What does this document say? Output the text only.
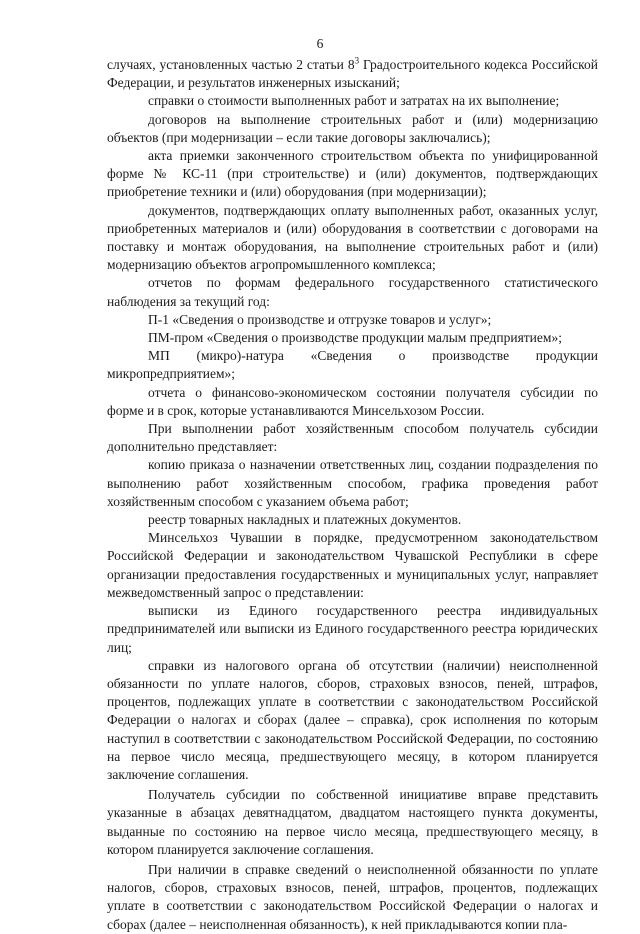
6

случаях, установленных частью 2 статьи $8^3$ Градостроительного кодекса Российской Федерации, и результатов инженерных изысканий;

справки о стоимости выполненных работ и затратах на их выполнение;

договоров на выполнение строительных работ и (или) модернизацию объектов (при модернизации – если такие договоры заключались);

акта приемки законченного строительством объекта по унифицированной форме № КС-11 (при строительстве) и (или) документов, подтверждающих приобретение техники и (или) оборудования (при модернизации);

документов, подтверждающих оплату выполненных работ, оказанных услуг, приобретенных материалов и (или) оборудования в соответствии с договорами на поставку и монтаж оборудования, на выполнение строительных работ и (или) модернизацию объектов агропромышленного комплекса;

отчетов по формам федерального государственного статистического наблюдения за текущий год:

П-1 «Сведения о производстве и отгрузке товаров и услуг»;

ПМ-пром «Сведения о производстве продукции малым предприятием»;

МП (микро)-натура «Сведения о производстве продукции микропредприятием»;

отчета о финансово-экономическом состоянии получателя субсидии по форме и в срок, которые устанавливаются Минсельхозом России.

При выполнении работ хозяйственным способом получатель субсидии дополнительно представляет:

копию приказа о назначении ответственных лиц, создании подразделения по выполнению работ хозяйственным способом, графика проведения работ хозяйственным способом с указанием объема работ;

реестр товарных накладных и платежных документов.

Минсельхоз Чувашии в порядке, предусмотренном законодательством Российской Федерации и законодательством Чувашской Республики в сфере организации предоставления государственных и муниципальных услуг, направляет межведомственный запрос о представлении:

выписки из Единого государственного реестра индивидуальных предпринимателей или выписки из Единого государственного реестра юридических лиц;

справки из налогового органа об отсутствии (наличии) неисполненной обязанности по уплате налогов, сборов, страховых взносов, пеней, штрафов, процентов, подлежащих уплате в соответствии с законодательством Российской Федерации о налогах и сборах (далее – справка), срок исполнения по которым наступил в соответствии с законодательством Российской Федерации, по состоянию на первое число месяца, предшествующего месяцу, в котором планируется заключение соглашения.

Получатель субсидии по собственной инициативе вправе представить указанные в абзацах девятнадцатом, двадцатом настоящего пункта документы, выданные по состоянию на первое число месяца, предшествующего месяцу, в котором планируется заключение соглашения.

При наличии в справке сведений о неисполненной обязанности по уплате налогов, сборов, страховых взносов, пеней, штрафов, процентов, подлежащих уплате в соответствии с законодательством Российской Федерации о налогах и сборах (далее – неисполненная обязанность), к ней прикладываются копии пла-
